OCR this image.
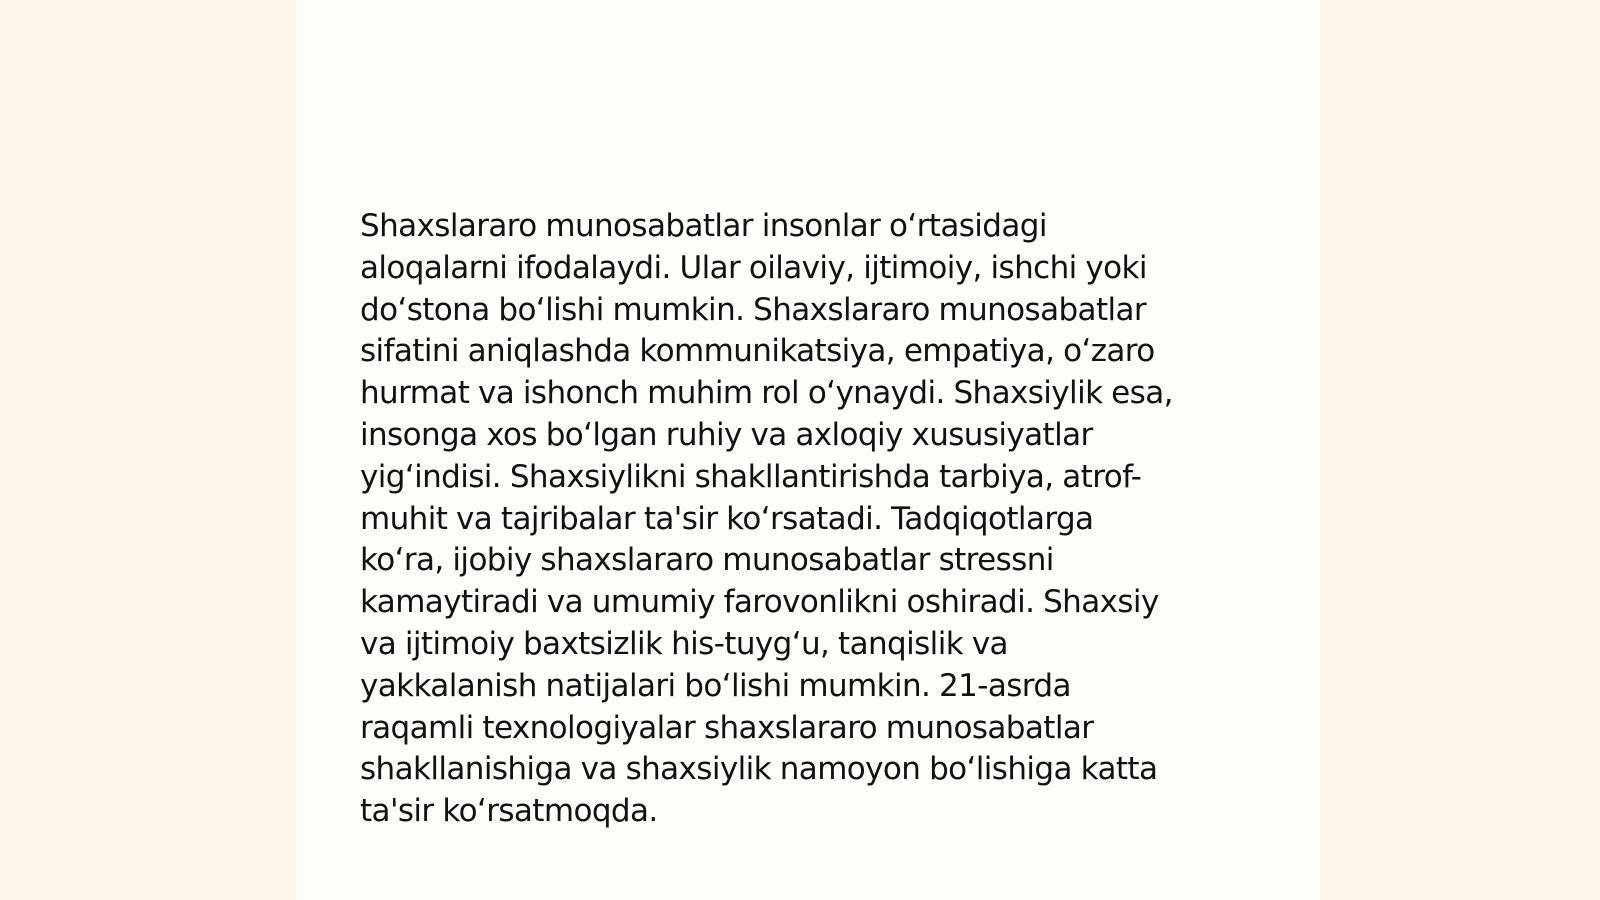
Shaxslararo munosabatlar insonlar o‘rtasidagi
aloqalarni ifodalaydi. Ular oilaviy, ijtimoiy, ishchi yoki
do‘stona bo‘lishi mumkin. Shaxslararo munosabatlar
sifatini aniqlashda kommunikatsiya, empatiya, o‘zaro
hurmat va ishonch muhim rol o‘ynaydi. Shaxsiylik esa,
insonga xos bo‘lgan ruhiy va axloqiy xususiyatlar
yig‘indisi. Shaxsiylikni shakllantirishda tarbiya, atrof-
muhit va tajribalar ta'sir ko‘rsatadi. Tadqiqotlarga
ko‘ra, ijobiy shaxslararo munosabatlar stressni
kamaytiradi va umumiy farovonlikni oshiradi. Shaxsiy
va ijtimoiy baxtsizlik his-tuyg‘u, tanqislik va
yakkalanish natijalari bo‘lishi mumkin. 21-asrda
raqamli texnologiyalar shaxslararo munosabatlar
shakllanishiga va shaxsiylik namoyon bo‘lishiga katta
ta'sir ko‘rsatmoqda.
